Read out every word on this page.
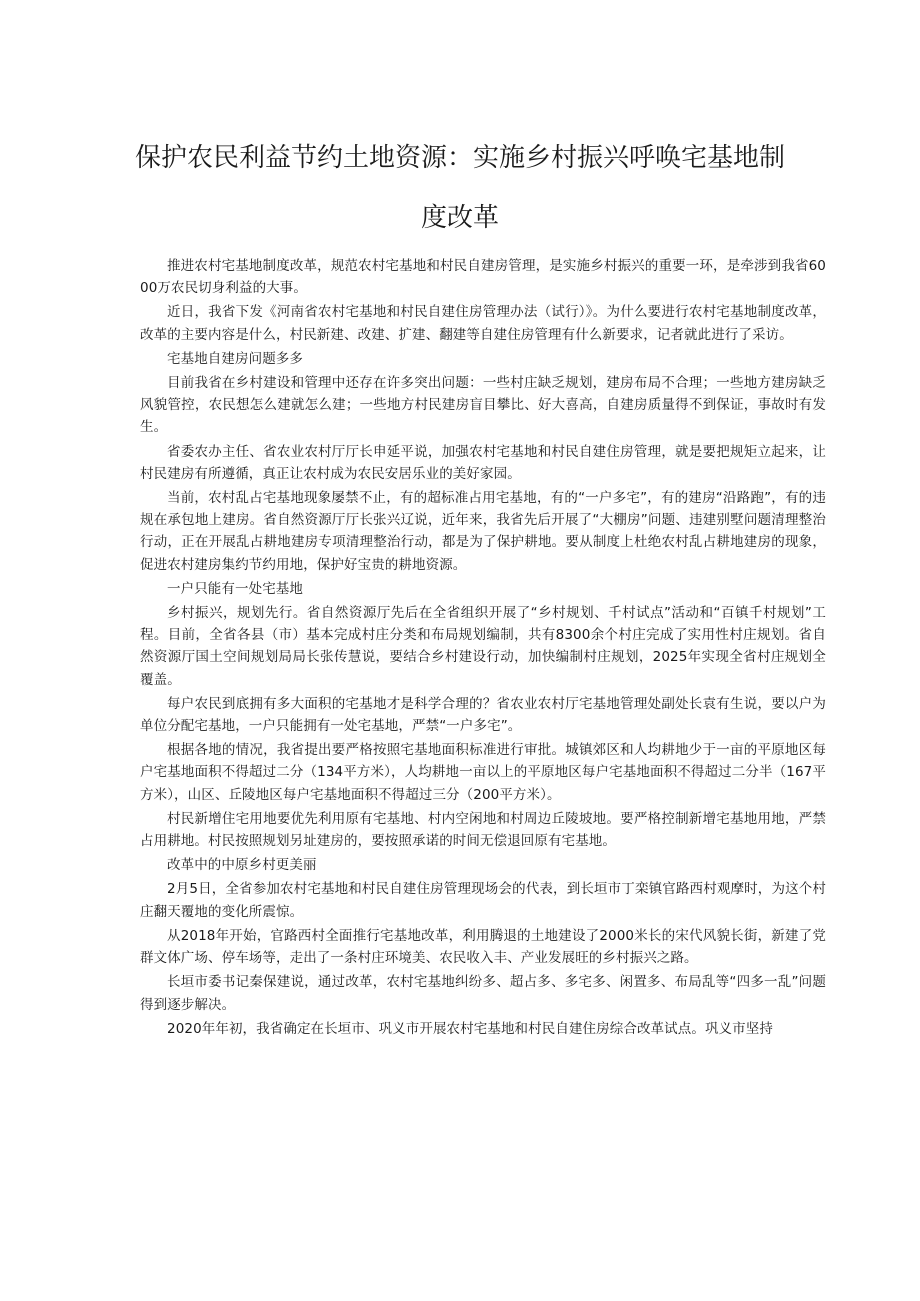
保护农民利益节约土地资源：实施乡村振兴呼唤宅基地制
度改革

推进农村宅基地制度改革，规范农村宅基地和村民自建房管理，是实施乡村振兴的重要一环，是牵涉到我省6000万农民切身利益的大事。

近日，我省下发《河南省农村宅基地和村民自建住房管理办法（试行）》。为什么要进行农村宅基地制度改革，改革的主要内容是什么，村民新建、改建、扩建、翻建等自建住房管理有什么新要求，记者就此进行了采访。

宅基地自建房问题多多

目前我省在乡村建设和管理中还存在许多突出问题：一些村庄缺乏规划，建房布局不合理；一些地方建房缺乏风貌管控，农民想怎么建就怎么建；一些地方村民建房盲目攀比、好大喜高，自建房质量得不到保证，事故时有发生。

省委农办主任、省农业农村厅厅长申延平说，加强农村宅基地和村民自建住房管理，就是要把规矩立起来，让村民建房有所遵循，真正让农村成为农民安居乐业的美好家园。

当前，农村乱占宅基地现象屡禁不止，有的超标准占用宅基地，有的“一户多宅”，有的建房“沿路跑”，有的违规在承包地上建房。省自然资源厅厅长张兴辽说，近年来，我省先后开展了“大棚房”问题、违建别墅问题清理整治行动，正在开展乱占耕地建房专项清理整治行动，都是为了保护耕地。要从制度上杜绝农村乱占耕地建房的现象，促进农村建房集约节约用地，保护好宝贵的耕地资源。

一户只能有一处宅基地

乡村振兴，规划先行。省自然资源厅先后在全省组织开展了“乡村规划、千村试点”活动和“百镇千村规划”工程。目前，全省各县（市）基本完成村庄分类和布局规划编制，共有8300余个村庄完成了实用性村庄规划。省自然资源厅国土空间规划局局长张传慧说，要结合乡村建设行动，加快编制村庄规划，2025年实现全省村庄规划全覆盖。

每户农民到底拥有多大面积的宅基地才是科学合理的？省农业农村厅宅基地管理处副处长袁有生说，要以户为单位分配宅基地，一户只能拥有一处宅基地，严禁“一户多宅”。

根据各地的情况，我省提出要严格按照宅基地面积标准进行审批。城镇郊区和人均耕地少于一亩的平原地区每户宅基地面积不得超过二分（134平方米），人均耕地一亩以上的平原地区每户宅基地面积不得超过二分半（167平方米），山区、丘陵地区每户宅基地面积不得超过三分（200平方米）。

村民新增住宅用地要优先利用原有宅基地、村内空闲地和村周边丘陵坡地。要严格控制新增宅基地用地，严禁占用耕地。村民按照规划另址建房的，要按照承诺的时间无偿退回原有宅基地。

改革中的中原乡村更美丽

2月5日，全省参加农村宅基地和村民自建住房管理现场会的代表，到长垣市丁栾镇官路西村观摩时，为这个村庄翻天覆地的变化所震惊。

从2018年开始，官路西村全面推行宅基地改革，利用腾退的土地建设了2000米长的宋代风貌长街，新建了党群文体广场、停车场等，走出了一条村庄环境美、农民收入丰、产业发展旺的乡村振兴之路。

长垣市委书记秦保建说，通过改革，农村宅基地纠纷多、超占多、多宅多、闲置多、布局乱等“四多一乱”问题得到逐步解决。

2020年年初，我省确定在长垣市、巩义市开展农村宅基地和村民自建住房综合改革试点。巩义市坚持
